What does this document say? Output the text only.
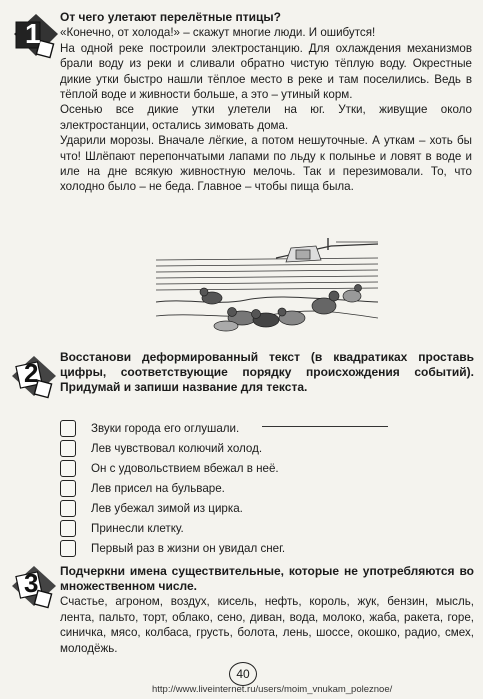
1

От чего улетают перелётные птицы?

«Конечно, от холода!» – скажут многие люди. И ошибутся!

На одной реке построили электростанцию. Для охлаждения механизмов брали воду из реки и сливали обратно чистую тёплую воду. Окрестные дикие утки быстро нашли тёплое место в реке и там поселились. Ведь в тёплой воде и живности больше, а это – утиный корм.

Осенью все дикие утки улетели на юг. Утки, живущие около электростанции, остались зимовать дома.

Ударили морозы. Вначале лёгкие, а потом нешуточные. А уткам – хоть бы что! Шлёпают перепончатыми лапами по льду к полынье и ловят в воде и иле на дне всякую живностную мелочь. Так и перезимовали. То, что холодно было – не беда. Главное – чтобы пища была.

2

Восстанови деформированный текст (в квадратиках проставь цифры, соответствующие порядку происхождения событий). Придумай и запиши название для текста.

Звуки города его оглушали.
Лев чувствовал колючий холод.
Он с удовольствием вбежал в неё.
Лев присел на бульваре.
Лев убежал зимой из цирка.
Принесли клетку.
Первый раз в жизни он увидал снег.
3 Подчеркни имена существительные, которые не употребляются во множественном числе.

Счастье, агроном, воздух, кисель, нефть, король, жук, бензин, мысль, лента, пальто, торт, облако, сено, диван, вода, молоко, жаба, ракета, горе, синичка, мясо, колбаса, грусть, болота, лень, шоссе, окошко, радио, смех, молодёжь.

40
http://www.liveinternet.ru/users/moim_vnukam_poleznoe/
